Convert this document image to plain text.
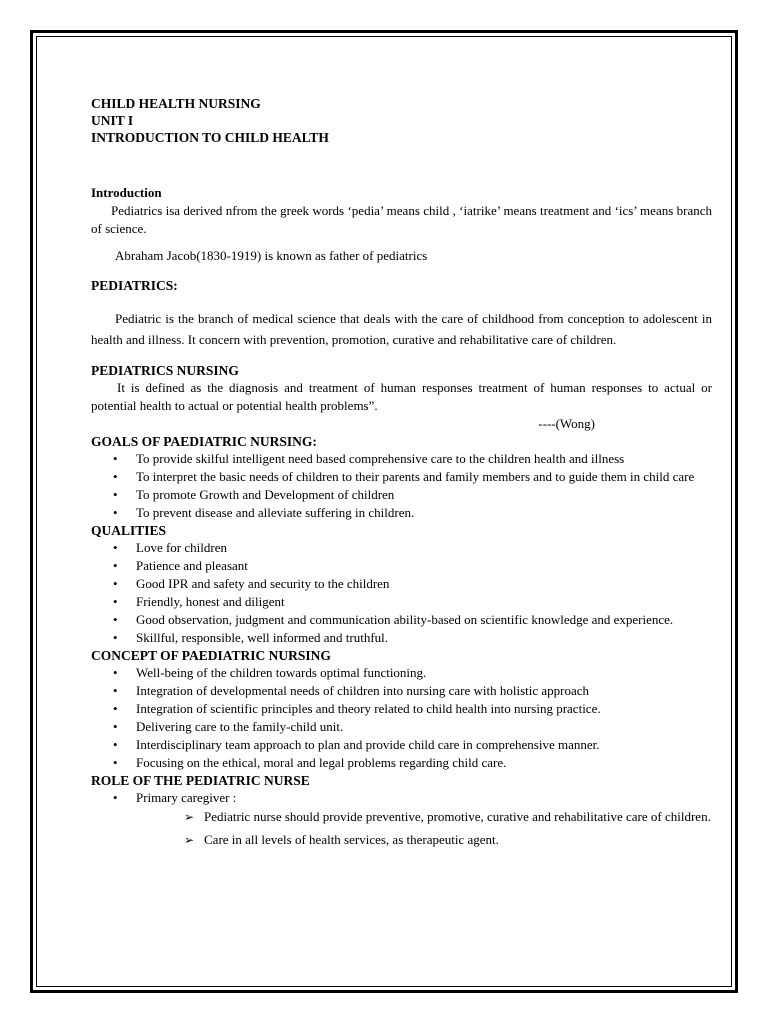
CHILD HEALTH NURSING
UNIT I
INTRODUCTION TO CHILD HEALTH
Introduction

Pediatrics isa derived nfrom the greek words ‘pedia’ means child , ‘iatrike’ means treatment and ‘ics’ means branch of science.

Abraham Jacob(1830-1919) is known as father of pediatrics

PEDIATRICS:

Pediatric is the branch of medical science that deals with the care of childhood from conception to adolescent in health and illness. It concern with prevention, promotion, curative and rehabilitative care of children.

PEDIATRICS NURSING

It is defined as the diagnosis and treatment of human responses treatment of human responses to actual or potential health to actual or potential health problems”.

----(Wong)

GOALS OF PAEDIATRIC NURSING:
• To provide skilful intelligent need based comprehensive care to the children health and illness
• To interpret the basic needs of children to their parents and family members and to guide them in child care
• To promote Growth and Development of children
• To prevent disease and alleviate suffering in children.
QUALITIES
• Love for children
• Patience and pleasant
• Good IPR and safety and security to the children
• Friendly, honest and diligent
• Good observation, judgment and communication ability-based on scientific knowledge and experience.
• Skillful, responsible, well informed and truthful.
CONCEPT OF PAEDIATRIC NURSING
• Well-being of the children towards optimal functioning.
• Integration of developmental needs of children into nursing care with holistic approach
• Integration of scientific principles and theory related to child health into nursing practice.
• Delivering care to the family-child unit.
• Interdisciplinary team approach to plan and provide child care in comprehensive manner.
• Focusing on the ethical, moral and legal problems regarding child care.
ROLE OF THE PEDIATRIC NURSE
• Primary caregiver :
➢ Pediatric nurse should provide preventive, promotive, curative and rehabilitative care of children.
➢ Care in all levels of health services, as therapeutic agent.
